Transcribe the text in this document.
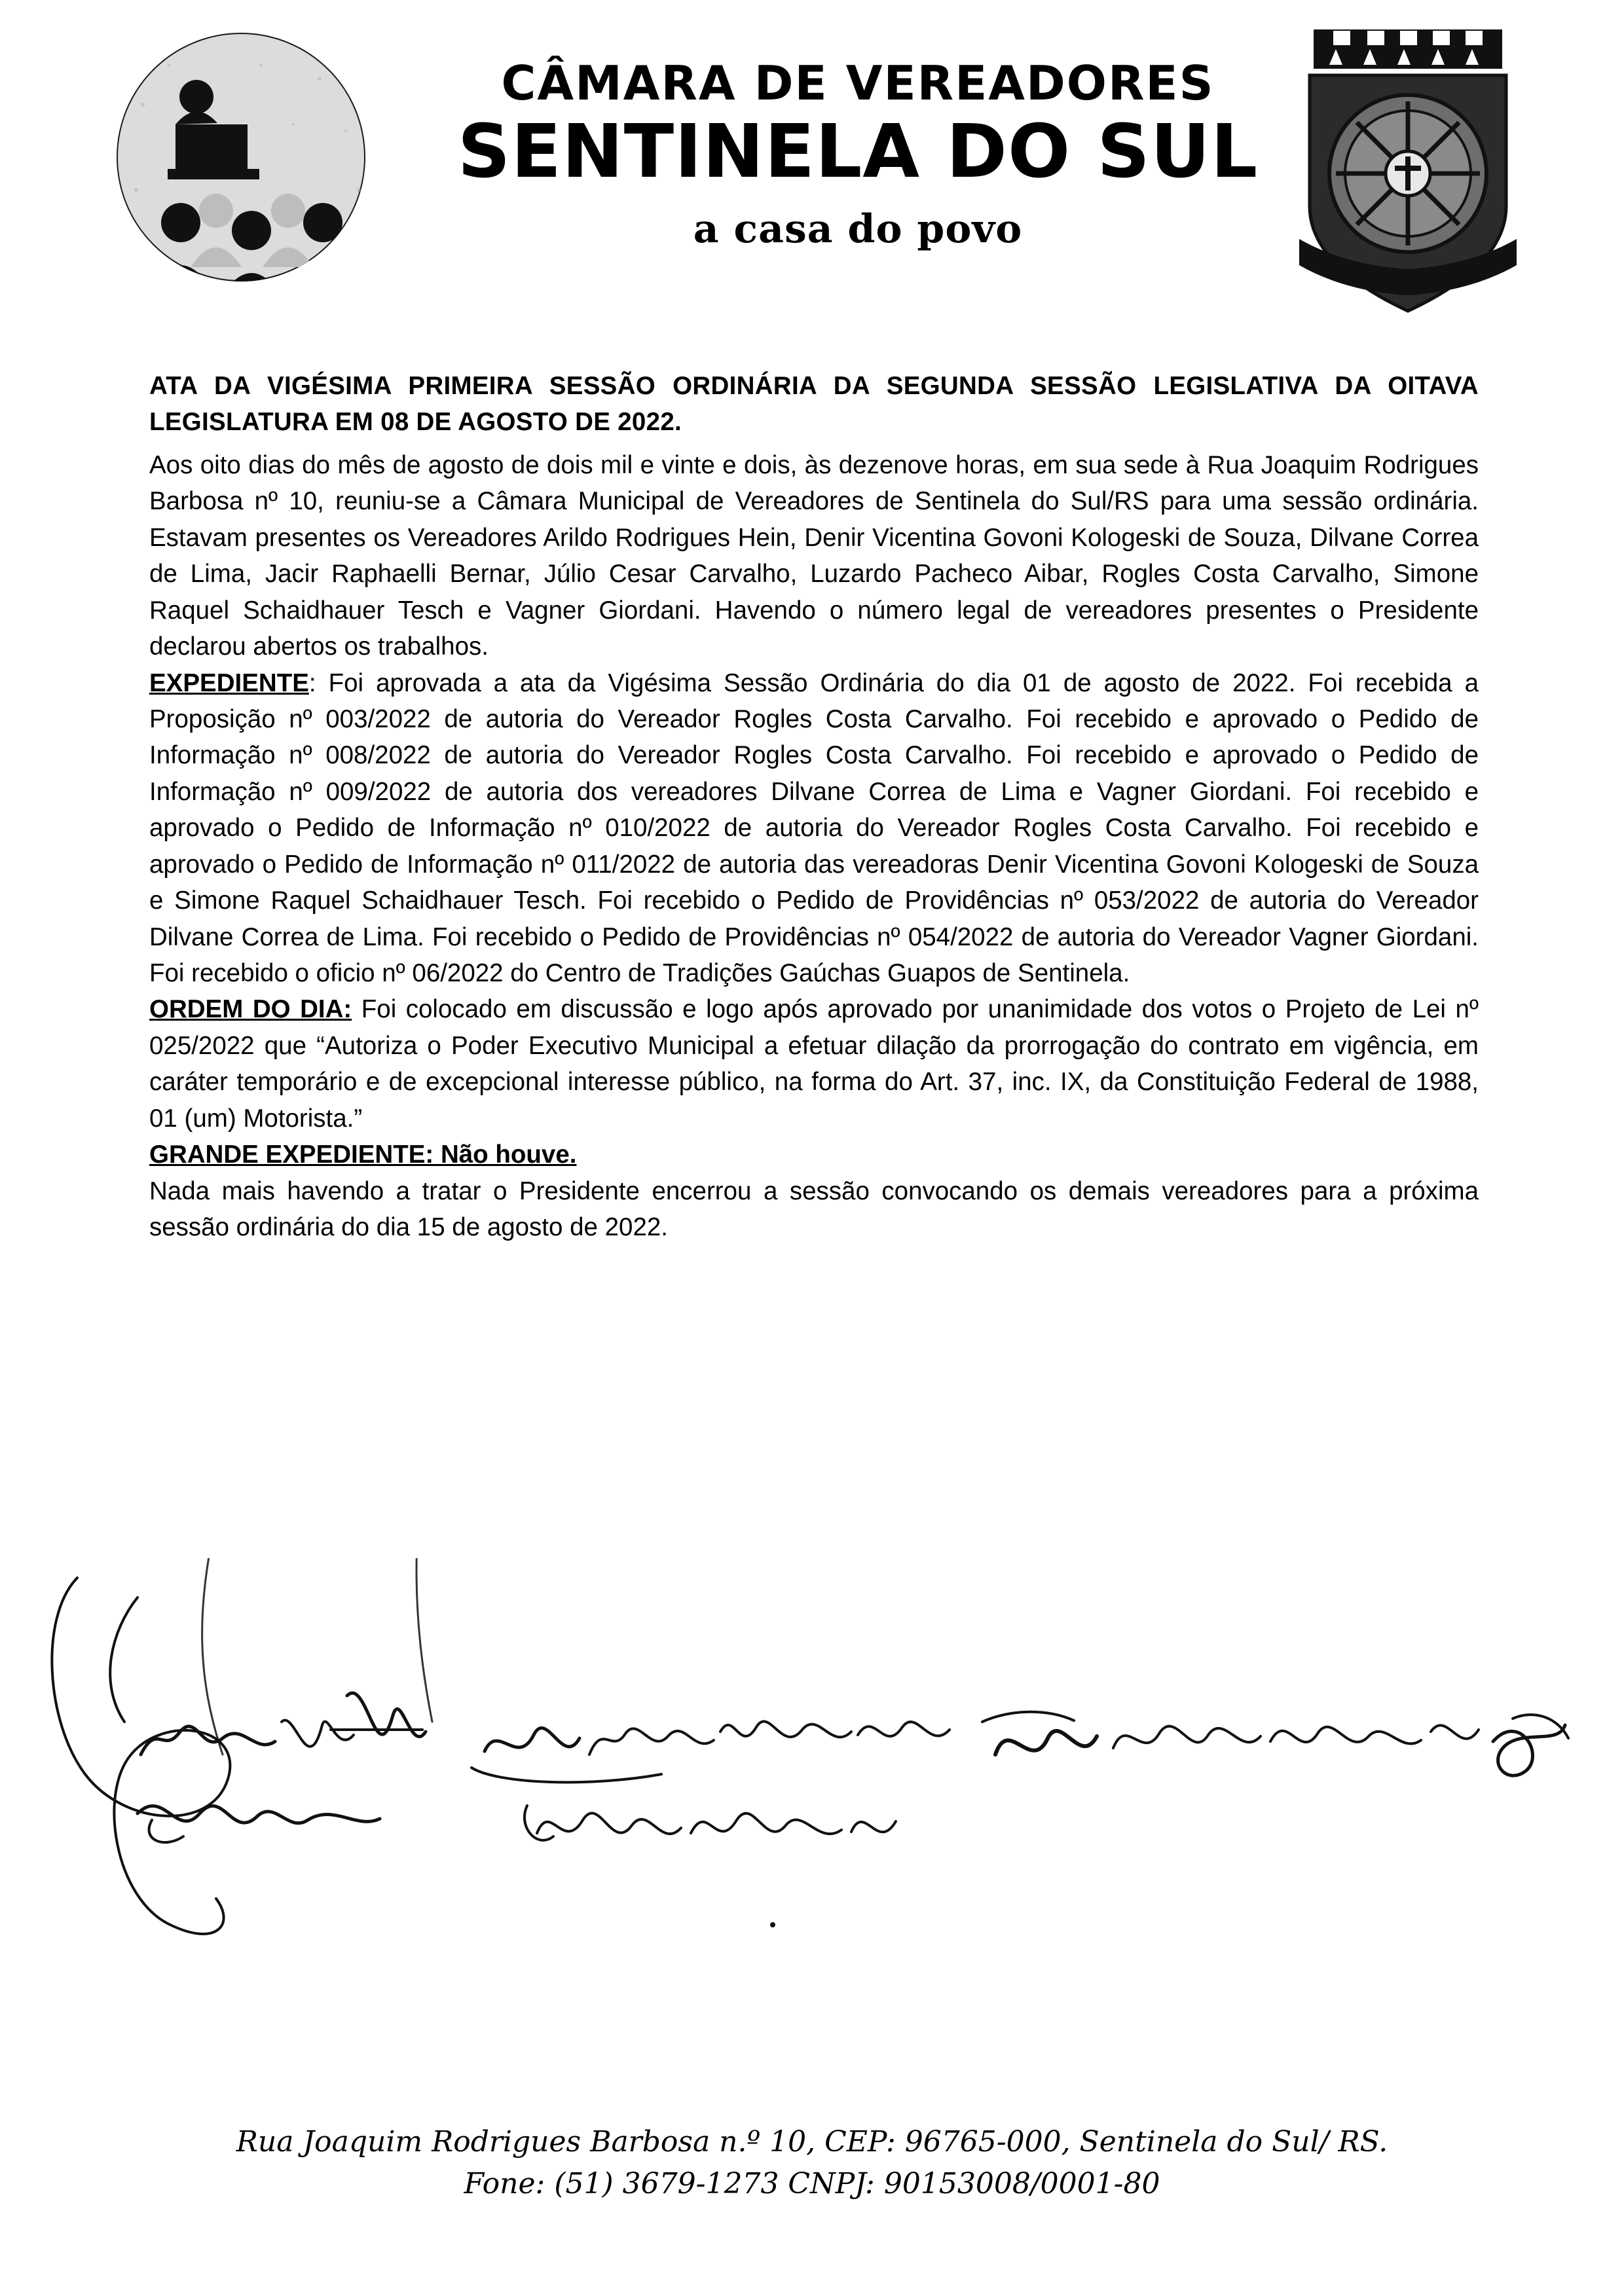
CÂMARA DE VEREADORES
SENTINELA DO SUL
a casa do povo
ATA DA VIGÉSIMA PRIMEIRA SESSÃO ORDINÁRIA DA SEGUNDA SESSÃO LEGISLATIVA DA OITAVA LEGISLATURA EM 08 DE AGOSTO DE 2022.

Aos oito dias do mês de agosto de dois mil e vinte e dois, às dezenove horas, em sua sede à Rua Joaquim Rodrigues Barbosa nº 10, reuniu-se a Câmara Municipal de Vereadores de Sentinela do Sul/RS para uma sessão ordinária. Estavam presentes os Vereadores Arildo Rodrigues Hein, Denir Vicentina Govoni Kologeski de Souza, Dilvane Correa de Lima, Jacir Raphaelli Bernar, Júlio Cesar Carvalho, Luzardo Pacheco Aibar, Rogles Costa Carvalho, Simone Raquel Schaidhauer Tesch e Vagner Giordani. Havendo o número legal de vereadores presentes o Presidente declarou abertos os trabalhos.

EXPEDIENTE: Foi aprovada a ata da Vigésima Sessão Ordinária do dia 01 de agosto de 2022. Foi recebida a Proposição nº 003/2022 de autoria do Vereador Rogles Costa Carvalho. Foi recebido e aprovado o Pedido de Informação nº 008/2022 de autoria do Vereador Rogles Costa Carvalho. Foi recebido e aprovado o Pedido de Informação nº 009/2022 de autoria dos vereadores Dilvane Correa de Lima e Vagner Giordani. Foi recebido e aprovado o Pedido de Informação nº 010/2022 de autoria do Vereador Rogles Costa Carvalho. Foi recebido e aprovado o Pedido de Informação nº 011/2022 de autoria das vereadoras Denir Vicentina Govoni Kologeski de Souza e Simone Raquel Schaidhauer Tesch. Foi recebido o Pedido de Providências nº 053/2022 de autoria do Vereador Dilvane Correa de Lima. Foi recebido o Pedido de Providências nº 054/2022 de autoria do Vereador Vagner Giordani. Foi recebido o oficio nº 06/2022 do Centro de Tradições Gaúchas Guapos de Sentinela.

ORDEM DO DIA: Foi colocado em discussão e logo após aprovado por unanimidade dos votos o Projeto de Lei nº 025/2022 que “Autoriza o Poder Executivo Municipal a efetuar dilação da prorrogação do contrato em vigência, em caráter temporário e de excepcional interesse público, na forma do Art. 37, inc. IX, da Constituição Federal de 1988, 01 (um) Motorista.”

GRANDE EXPEDIENTE: Não houve.

Nada mais havendo a tratar o Presidente encerrou a sessão convocando os demais vereadores para a próxima sessão ordinária do dia 15 de agosto de 2022.

Rua Joaquim Rodrigues Barbosa n.º 10, CEP: 96765-000, Sentinela do Sul/ RS.
Fone: (51) 3679-1273 CNPJ: 90153008/0001-80
